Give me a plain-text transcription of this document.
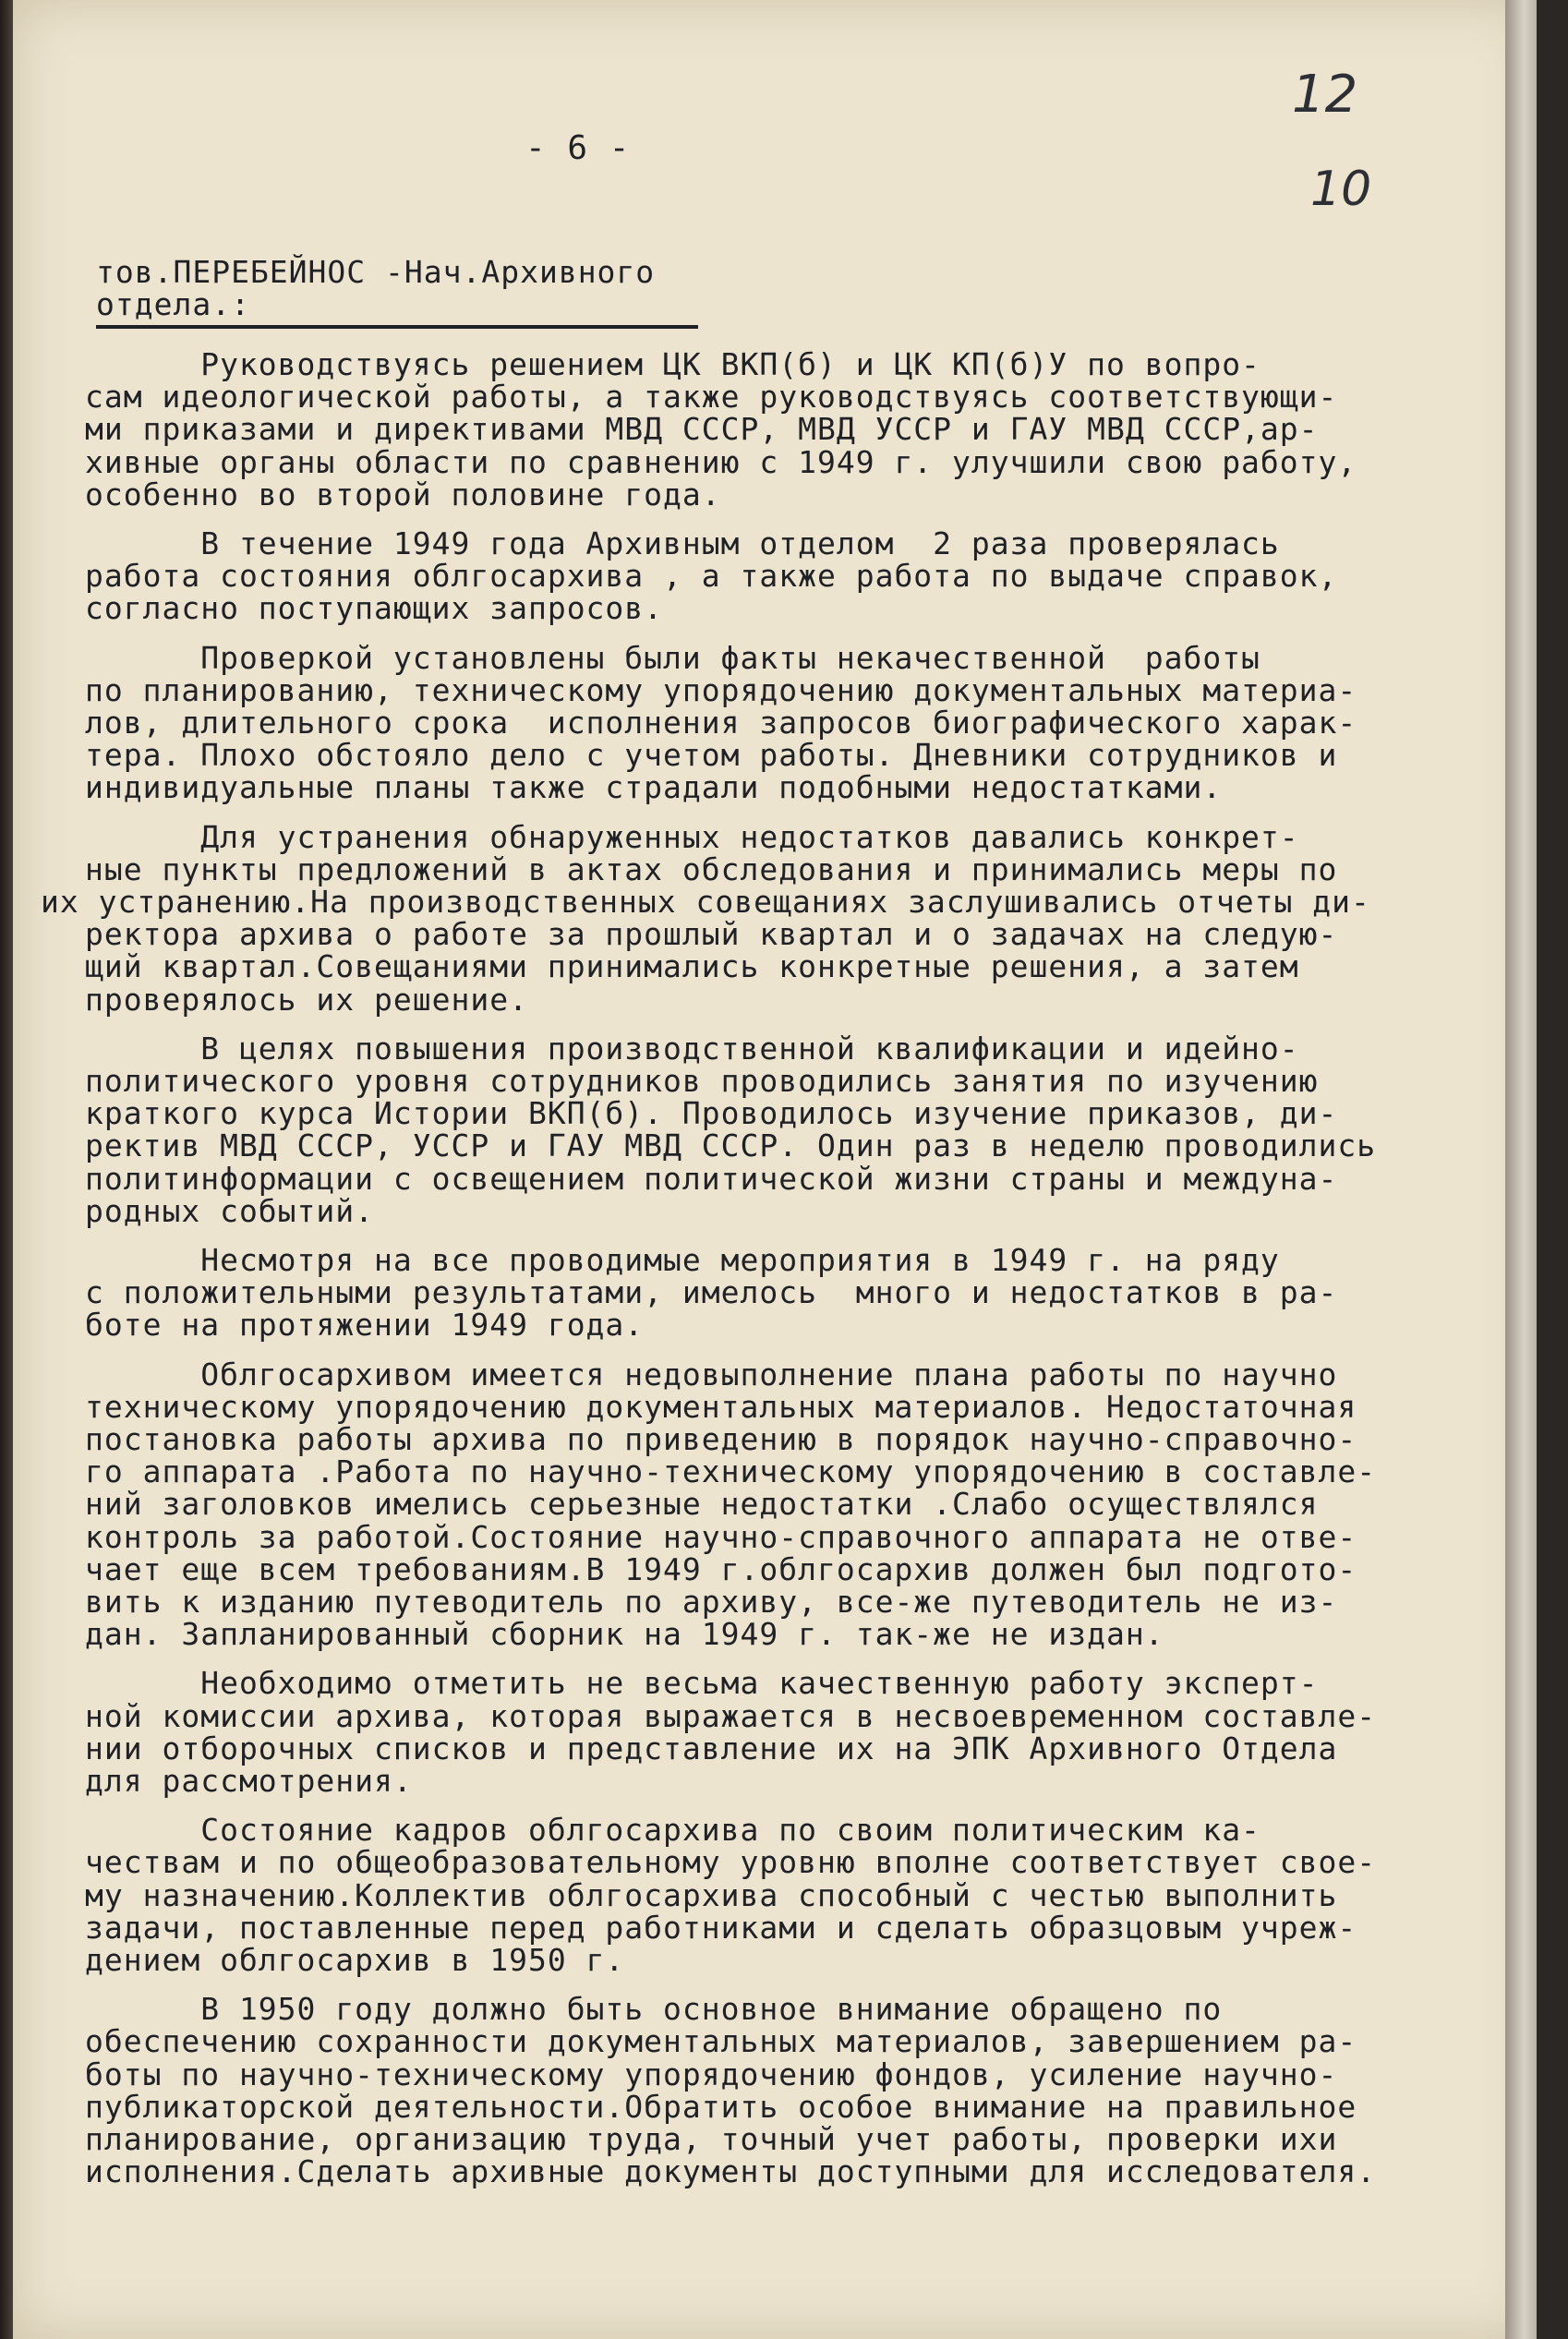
- 6 -
12
10
тов.ПЕРЕБЕЙНОС -Нач.Архивного
отдела.:
Руководствуясь решением ЦК ВКП(б) и ЦК КП(б)У по вопро-
сам идеологической работы, а также руководствуясь соответствующи-
ми приказами и директивами МВД СССР, МВД УССР и ГАУ МВД СССР,ар-
хивные органы области по сравнению с 1949 г. улучшили свою работу,
особенно во второй половине года.
В течение 1949 года Архивным отделом  2 раза проверялась
работа состояния облгосархива , а также работа по выдаче справок,
согласно поступающих запросов.
Проверкой установлены были факты некачественной  работы
по планированию, техническому упорядочению документальных материа-
лов, длительного срока  исполнения запросов биографического харак-
тера. Плохо обстояло дело с учетом работы. Дневники сотрудников и
индивидуальные планы также страдали подобными недостатками.
Для устранения обнаруженных недостатков давались конкрет-
ные пункты предложений в актах обследования и принимались меры по
их устранению.На производственных совещаниях заслушивались отчеты ди-
ректора архива о работе за прошлый квартал и о задачах на следую-
щий квартал.Совещаниями принимались конкретные решения, а затем
проверялось их решение.
В целях повышения производственной квалификации и идейно-
политического уровня сотрудников проводились занятия по изучению
краткого курса Истории ВКП(б). Проводилось изучение приказов, ди-
ректив МВД СССР, УССР и ГАУ МВД СССР. Один раз в неделю проводились
политинформации с освещением политической жизни страны и междуна-
родных событий.
Несмотря на все проводимые мероприятия в 1949 г. на ряду
с положительными результатами, имелось  много и недостатков в ра-
боте на протяжении 1949 года.
Облгосархивом имеется недовыполнение плана работы по научно
техническому упорядочению документальных материалов. Недостаточная
постановка работы архива по приведению в порядок научно-справочно-
го аппарата .Работа по научно-техническому упорядочению в составле-
ний заголовков имелись серьезные недостатки .Слабо осуществлялся
контроль за работой.Состояние научно-справочного аппарата не отве-
чает еще всем требованиям.В 1949 г.облгосархив должен был подгото-
вить к изданию путеводитель по архиву, все-же путеводитель не из-
дан. Запланированный сборник на 1949 г. так-же не издан.
Необходимо отметить не весьма качественную работу эксперт-
ной комиссии архива, которая выражается в несвоевременном составле-
нии отборочных списков и представление их на ЭПК Архивного Отдела
для рассмотрения.
Состояние кадров облгосархива по своим политическим ка-
чествам и по общеобразовательному уровню вполне соответствует свое-
му назначению.Коллектив облгосархива способный с честью выполнить
задачи, поставленные перед работниками и сделать образцовым учреж-
дением облгосархив в 1950 г.
В 1950 году должно быть основное внимание обращено по
обеспечению сохранности документальных материалов, завершением ра-
боты по научно-техническому упорядочению фондов, усиление научно-
публикаторской деятельности.Обратить особое внимание на правильное
планирование, организацию труда, точный учет работы, проверки ихи
исполнения.Сделать архивные документы доступными для исследователя.
